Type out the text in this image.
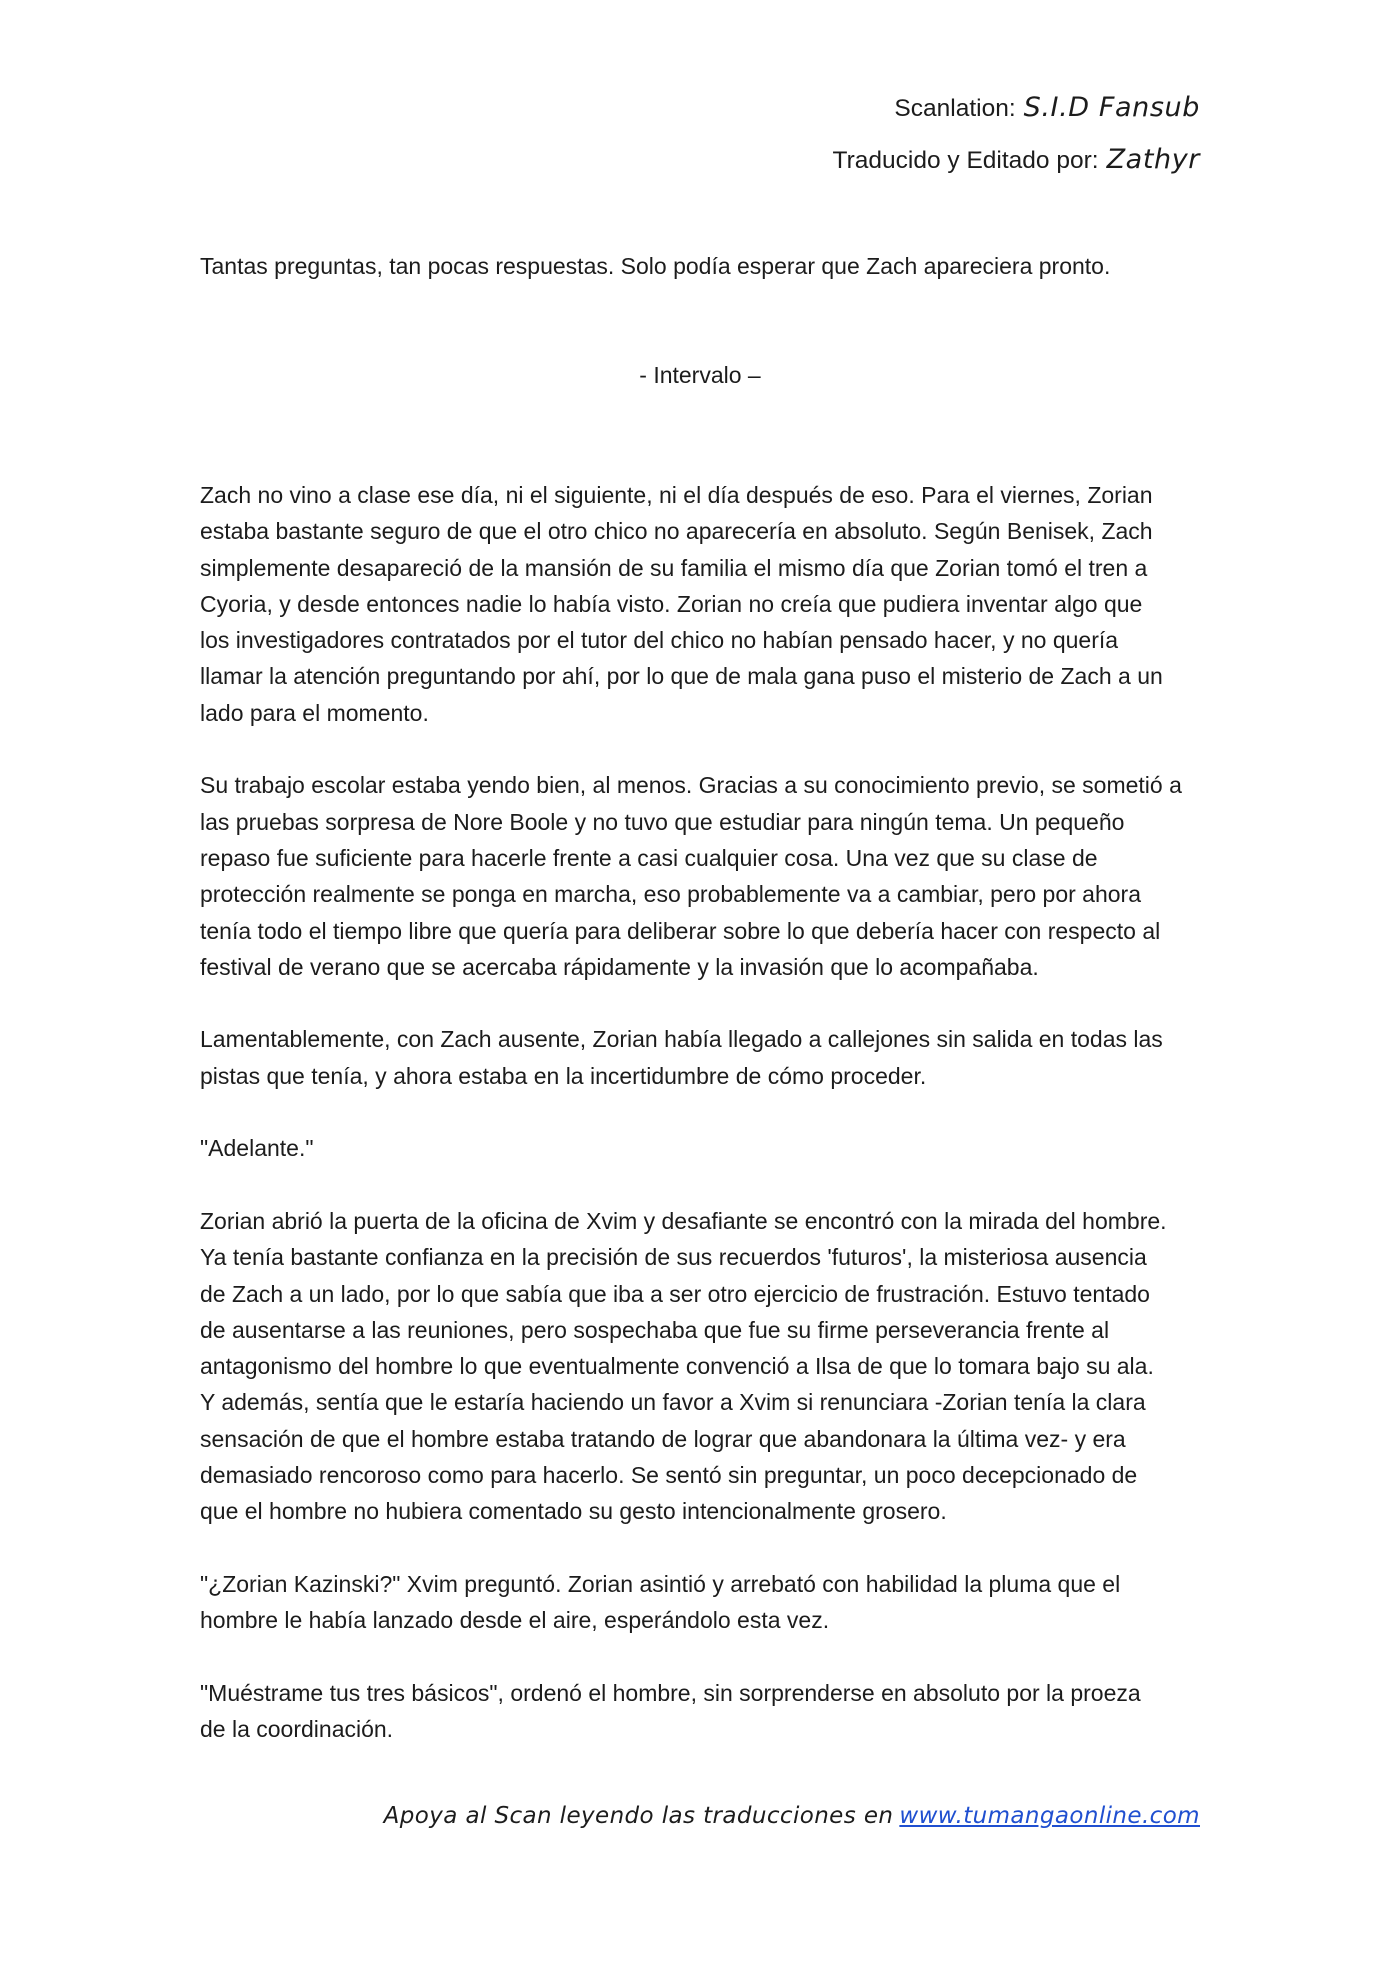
Scanlation: S.I.D Fansub
Traducido y Editado por: Zathyr
Tantas preguntas, tan pocas respuestas. Solo podía esperar que Zach apareciera pronto.
- Intervalo –

Zach no vino a clase ese día, ni el siguiente, ni el día después de eso. Para el viernes, Zorian
estaba bastante seguro de que el otro chico no aparecería en absoluto. Según Benisek, Zach
simplemente desapareció de la mansión de su familia el mismo día que Zorian tomó el tren a
Cyoria, y desde entonces nadie lo había visto. Zorian no creía que pudiera inventar algo que
los investigadores contratados por el tutor del chico no habían pensado hacer, y no quería
llamar la atención preguntando por ahí, por lo que de mala gana puso el misterio de Zach a un
lado para el momento.

Su trabajo escolar estaba yendo bien, al menos. Gracias a su conocimiento previo, se sometió a
las pruebas sorpresa de Nore Boole y no tuvo que estudiar para ningún tema. Un pequeño
repaso fue suficiente para hacerle frente a casi cualquier cosa. Una vez que su clase de
protección realmente se ponga en marcha, eso probablemente va a cambiar, pero por ahora
tenía todo el tiempo libre que quería para deliberar sobre lo que debería hacer con respecto al
festival de verano que se acercaba rápidamente y la invasión que lo acompañaba.

Lamentablemente, con Zach ausente, Zorian había llegado a callejones sin salida en todas las
pistas que tenía, y ahora estaba en la incertidumbre de cómo proceder.

"Adelante."

Zorian abrió la puerta de la oficina de Xvim y desafiante se encontró con la mirada del hombre.
Ya tenía bastante confianza en la precisión de sus recuerdos 'futuros', la misteriosa ausencia
de Zach a un lado, por lo que sabía que iba a ser otro ejercicio de frustración. Estuvo tentado
de ausentarse a las reuniones, pero sospechaba que fue su firme perseverancia frente al
antagonismo del hombre lo que eventualmente convenció a Ilsa de que lo tomara bajo su ala.
Y además, sentía que le estaría haciendo un favor a Xvim si renunciara -Zorian tenía la clara
sensación de que el hombre estaba tratando de lograr que abandonara la última vez- y era
demasiado rencoroso como para hacerlo. Se sentó sin preguntar, un poco decepcionado de
que el hombre no hubiera comentado su gesto intencionalmente grosero.

"¿Zorian Kazinski?" Xvim preguntó. Zorian asintió y arrebató con habilidad la pluma que el
hombre le había lanzado desde el aire, esperándolo esta vez.

"Muéstrame tus tres básicos", ordenó el hombre, sin sorprenderse en absoluto por la proeza
de la coordinación.

Apoya al Scan leyendo las traducciones en www.tumangaonline.com
